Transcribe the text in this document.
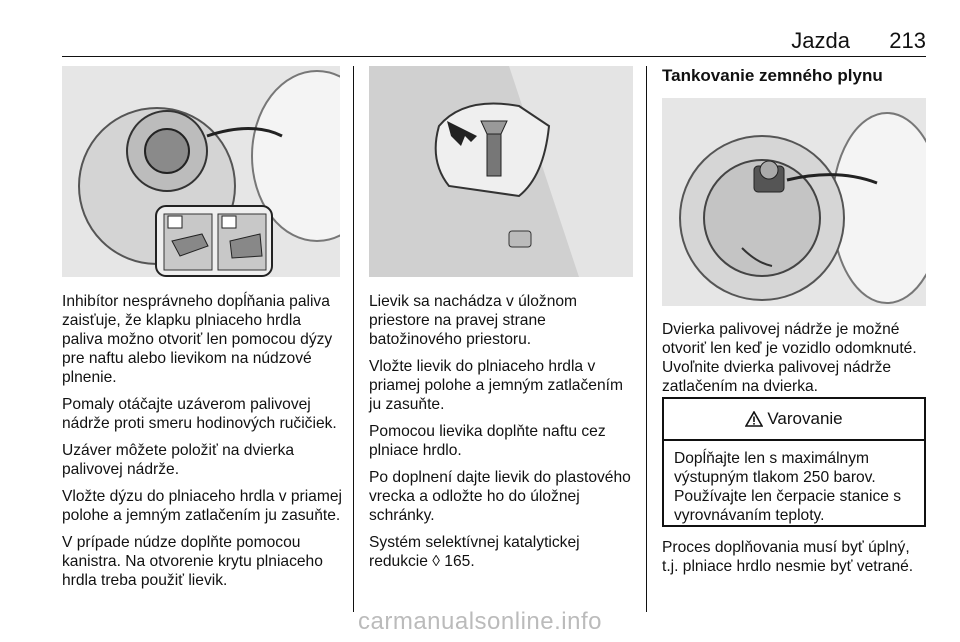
Jazda 213

Inhibítor nesprávneho dopĺňania paliva zaisťuje, že klapku plniaceho hrdla paliva možno otvoriť len pomocou dýzy pre naftu alebo lievikom na núdzové plnenie.

Pomaly otáčajte uzáverom palivovej nádrže proti smeru hodinových ručičiek.

Uzáver môžete položiť na dvierka palivovej nádrže.

Vložte dýzu do plniaceho hrdla v priamej polohe a jemným zatlačením ju zasuňte.

V prípade núdze doplňte pomocou kanistra. Na otvorenie krytu plniaceho hrdla treba použiť lievik.

Lievik sa nachádza v úložnom priestore na pravej strane batožinového priestoru.

Vložte lievik do plniaceho hrdla v priamej polohe a jemným zatlačením ju zasuňte.

Pomocou lievika doplňte naftu cez plniace hrdlo.

Po doplnení dajte lievik do plastového vrecka a odložte ho do úložnej schránky.

Systém selektívnej katalytickej redukcie ◊ 165.

Tankovanie zemného plynu

Dvierka palivovej nádrže je možné otvoriť len keď je vozidlo odomknuté. Uvoľnite dvierka palivovej nádrže zatlačením na dvierka.

Varovanie
Dopĺňajte len s maximálnym výstupným tlakom 250 barov. Používajte len čerpacie stanice s vyrovnávaním teploty.

Proces doplňovania musí byť úplný, t.j. plniace hrdlo nesmie byť vetrané.

carmanualsonline.info
